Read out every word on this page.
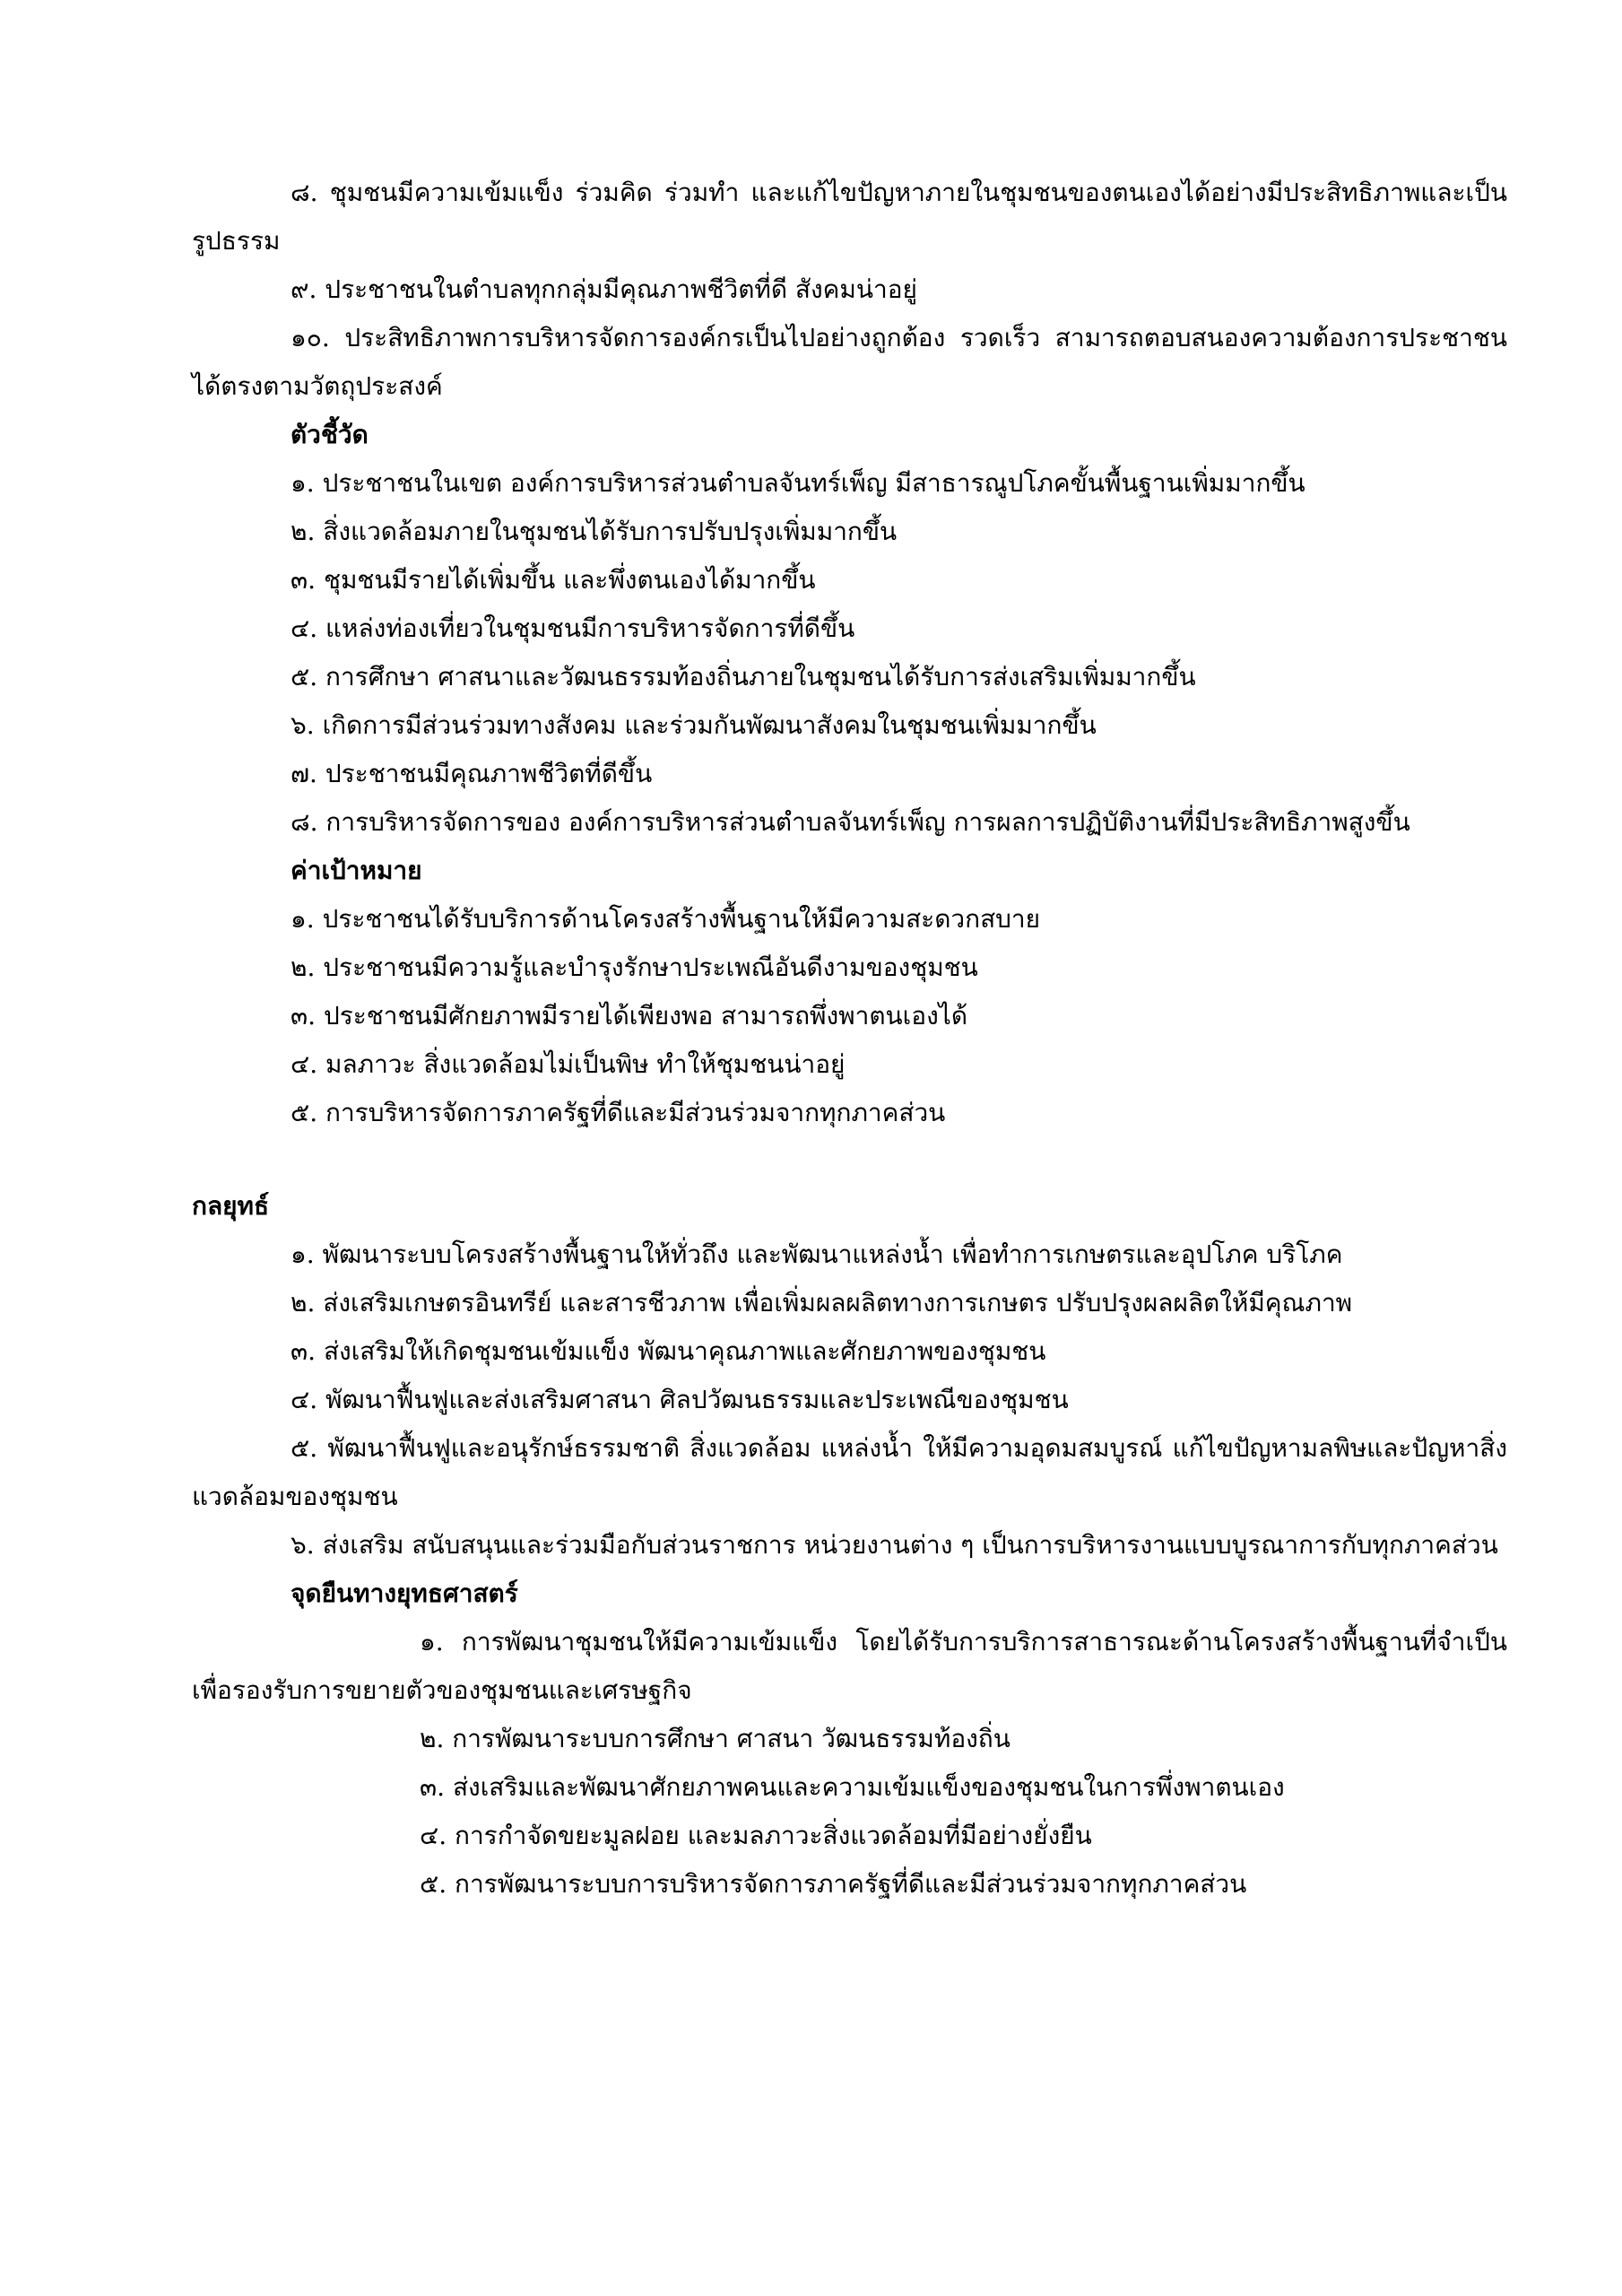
๘. ชุมชนมีความเข้มแข็ง ร่วมคิด ร่วมทำ และแก้ไขปัญหาภายในชุมชนของตนเองได้อย่างมีประสิทธิภาพและเป็นรูปธรรม

๙. ประชาชนในตำบลทุกกลุ่มมีคุณภาพชีวิตที่ดี สังคมน่าอยู่

๑๐. ประสิทธิภาพการบริหารจัดการองค์กรเป็นไปอย่างถูกต้อง รวดเร็ว สามารถตอบสนองความต้องการประชาชนได้ตรงตามวัตถุประสงค์

ตัวชี้วัด

๑. ประชาชนในเขต องค์การบริหารส่วนตำบลจันทร์เพ็ญ มีสาธารณูปโภคขั้นพื้นฐานเพิ่มมากขึ้น

๒. สิ่งแวดล้อมภายในชุมชนได้รับการปรับปรุงเพิ่มมากขึ้น

๓. ชุมชนมีรายได้เพิ่มขึ้น และพึ่งตนเองได้มากขึ้น

๔. แหล่งท่องเที่ยวในชุมชนมีการบริหารจัดการที่ดีขึ้น

๕. การศึกษา ศาสนาและวัฒนธรรมท้องถิ่นภายในชุมชนได้รับการส่งเสริมเพิ่มมากขึ้น

๖. เกิดการมีส่วนร่วมทางสังคม และร่วมกันพัฒนาสังคมในชุมชนเพิ่มมากขึ้น

๗. ประชาชนมีคุณภาพชีวิตที่ดีขึ้น

๘. การบริหารจัดการของ องค์การบริหารส่วนตำบลจันทร์เพ็ญ การผลการปฏิบัติงานที่มีประสิทธิภาพสูงขึ้น

ค่าเป้าหมาย

๑. ประชาชนได้รับบริการด้านโครงสร้างพื้นฐานให้มีความสะดวกสบาย

๒. ประชาชนมีความรู้และบำรุงรักษาประเพณีอันดีงามของชุมชน

๓. ประชาชนมีศักยภาพมีรายได้เพียงพอ สามารถพึ่งพาตนเองได้

๔. มลภาวะ สิ่งแวดล้อมไม่เป็นพิษ ทำให้ชุมชนน่าอยู่

๕. การบริหารจัดการภาครัฐที่ดีและมีส่วนร่วมจากทุกภาคส่วน

กลยุทธ์

๑. พัฒนาระบบโครงสร้างพื้นฐานให้ทั่วถึง และพัฒนาแหล่งน้ำ เพื่อทำการเกษตรและอุปโภค บริโภค

๒. ส่งเสริมเกษตรอินทรีย์ และสารชีวภาพ เพื่อเพิ่มผลผลิตทางการเกษตร ปรับปรุงผลผลิตให้มีคุณภาพ

๓. ส่งเสริมให้เกิดชุมชนเข้มแข็ง พัฒนาคุณภาพและศักยภาพของชุมชน

๔. พัฒนาฟื้นฟูและส่งเสริมศาสนา ศิลปวัฒนธรรมและประเพณีของชุมชน

๕. พัฒนาฟื้นฟูและอนุรักษ์ธรรมชาติ สิ่งแวดล้อม แหล่งน้ำ ให้มีความอุดมสมบูรณ์ แก้ไขปัญหามลพิษและปัญหาสิ่งแวดล้อมของชุมชน

๖. ส่งเสริม สนับสนุนและร่วมมือกับส่วนราชการ หน่วยงานต่าง ๆ เป็นการบริหารงานแบบบูรณาการกับทุกภาคส่วน

จุดยืนทางยุทธศาสตร์

๑. การพัฒนาชุมชนให้มีความเข้มแข็ง โดยได้รับการบริการสาธารณะด้านโครงสร้างพื้นฐานที่จำเป็นเพื่อรองรับการขยายตัวของชุมชนและเศรษฐกิจ

๒. การพัฒนาระบบการศึกษา ศาสนา วัฒนธรรมท้องถิ่น

๓. ส่งเสริมและพัฒนาศักยภาพคนและความเข้มแข็งของชุมชนในการพึ่งพาตนเอง

๔. การกำจัดขยะมูลฝอย และมลภาวะสิ่งแวดล้อมที่มีอย่างยั่งยืน

๕. การพัฒนาระบบการบริหารจัดการภาครัฐที่ดีและมีส่วนร่วมจากทุกภาคส่วน
